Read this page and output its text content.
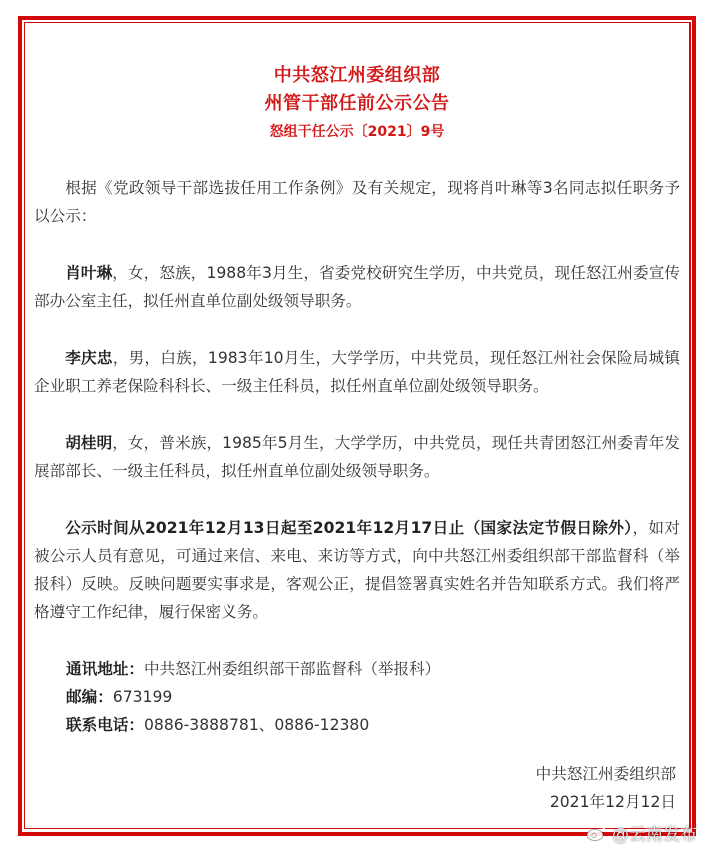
中共怒江州委组织部
州管干部任前公示公告
怒组干任公示〔2021〕9号

根据《党政领导干部选拔任用工作条例》及有关规定，现将肖叶琳等3名同志拟任职务予以公示：

肖叶琳，女，怒族，1988年3月生，省委党校研究生学历，中共党员，现任怒江州委宣传部办公室主任，拟任州直单位副处级领导职务。

李庆忠，男，白族，1983年10月生，大学学历，中共党员，现任怒江州社会保险局城镇企业职工养老保险科科长、一级主任科员，拟任州直单位副处级领导职务。

胡桂明，女，普米族，1985年5月生，大学学历，中共党员，现任共青团怒江州委青年发展部部长、一级主任科员，拟任州直单位副处级领导职务。

公示时间从2021年12月13日起至2021年12月17日止（国家法定节假日除外），如对被公示人员有意见，可通过来信、来电、来访等方式，向中共怒江州委组织部干部监督科（举报科）反映。反映问题要实事求是，客观公正，提倡签署真实姓名并告知联系方式。我们将严格遵守工作纪律，履行保密义务。

通讯地址：中共怒江州委组织部干部监督科（举报科）
邮编：673199
联系电话：0886-3888781、0886-12380
中共怒江州委组织部
2021年12月12日
@云南发布
